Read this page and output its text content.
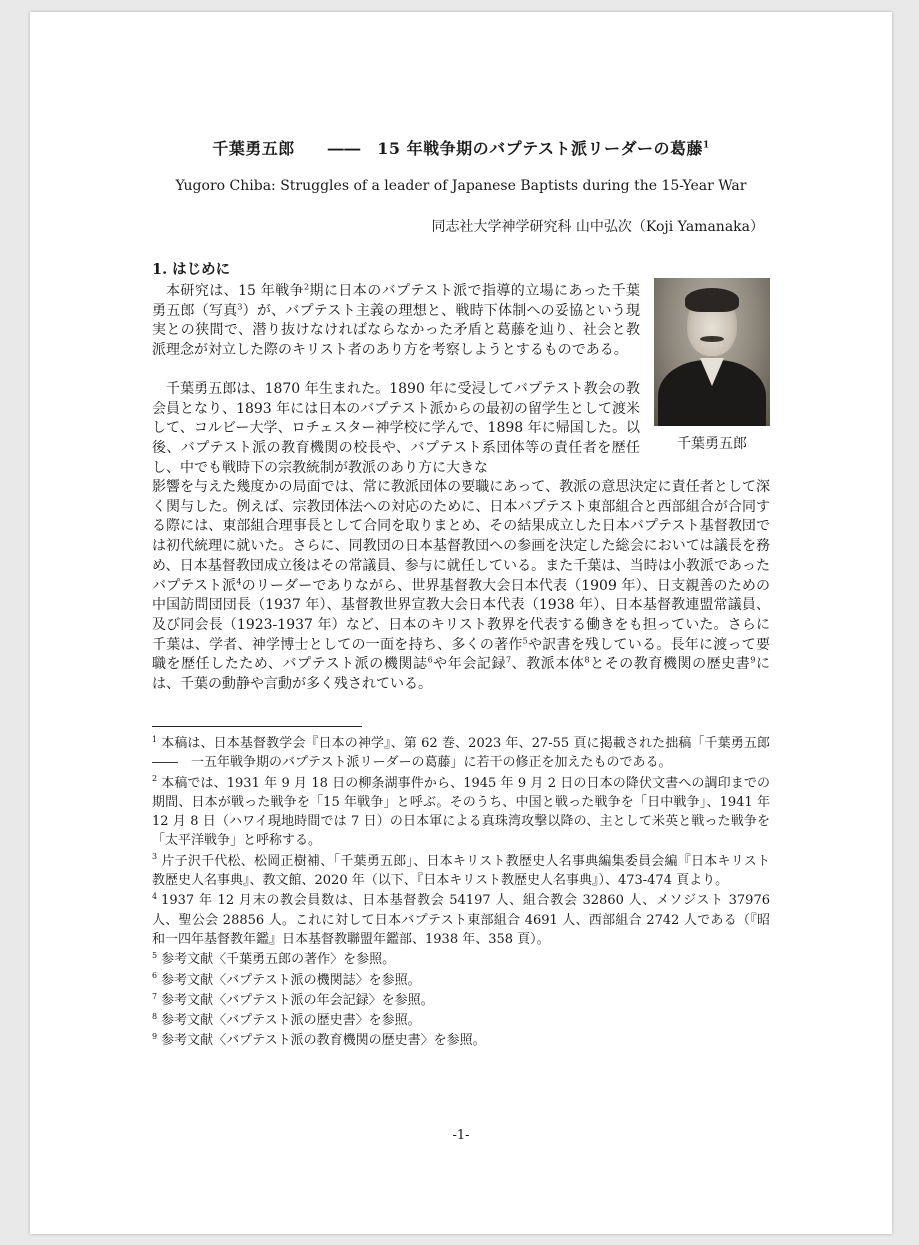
千葉勇五郎　　――　15 年戦争期のバプテスト派リーダーの葛藤$^1$
Yugoro Chiba: Struggles of a leader of Japanese Baptists during the 15-Year War
同志社大学神学研究科 山中弘次（Koji Yamanaka）
1. はじめに
千葉勇五郎
本研究は、15 年戦争$^2$期に日本のバプテスト派で指導的立場にあった千葉勇五郎（写真$^3$）が、バプテスト主義の理想と、戦時下体制への妥協という現実との狭間で、潜り抜けなければならなかった矛盾と葛藤を辿り、社会と教派理念が対立した際のキリスト者のあり方を考察しようとするものである。
千葉勇五郎は、1870 年生まれた。1890 年に受浸してバプテスト教会の教会員となり、1893 年には日本のバプテスト派からの最初の留学生として渡米して、コルビー大学、ロチェスター神学校に学んで、1898 年に帰国した。以後、バプテスト派の教育機関の校長や、バプテスト系団体等の責任者を歴任し、中でも戦時下の宗教統制が教派のあり方に大きな
影響を与えた幾度かの局面では、常に教派団体の要職にあって、教派の意思決定に責任者として深く関与した。例えば、宗教団体法への対応のために、日本バプテスト東部組合と西部組合が合同する際には、東部組合理事長として合同を取りまとめ、その結果成立した日本バプテスト基督教団では初代統理に就いた。さらに、同教団の日本基督教団への参画を決定した総会においては議長を務め、日本基督教団成立後はその常議員、参与に就任している。また千葉は、当時は小教派であったバプテスト派$^4$のリーダーでありながら、世界基督教大会日本代表（1909 年）、日支親善のための中国訪問団団長（1937 年）、基督教世界宣教大会日本代表（1938 年）、日本基督教連盟常議員、及び同会長（1923-1937 年）など、日本のキリスト教界を代表する働きをも担っていた。さらに千葉は、学者、神学博士としての一面を持ち、多くの著作$^5$や訳書を残している。長年に渡って要職を歴任したため、バプテスト派の機関誌$^6$や年会記録$^7$、教派本体$^8$とその教育機関の歴史書$^9$には、千葉の動静や言動が多く残されている。
$^1$ 本稿は、日本基督教学会『日本の神学』、第 62 巻、2023 年、27-55 頁に掲載された拙稿「千葉勇五郎　――　一五年戦争期のバプテスト派リーダーの葛藤」に若干の修正を加えたものである。
$^2$ 本稿では、1931 年 9 月 18 日の柳条湖事件から、1945 年 9 月 2 日の日本の降伏文書への調印までの期間、日本が戦った戦争を「15 年戦争」と呼ぶ。そのうち、中国と戦った戦争を「日中戦争」、1941 年 12 月 8 日（ハワイ現地時間では 7 日）の日本軍による真珠湾攻撃以降の、主として米英と戦った戦争を「太平洋戦争」と呼称する。
$^3$ 片子沢千代松、松岡正樹補、「千葉勇五郎」、日本キリスト教歴史人名事典編集委員会編『日本キリスト教歴史人名事典』、教文館、2020 年（以下、『日本キリスト教歴史人名事典』）、473-474 頁より。
$^4$ 1937 年 12 月末の教会員数は、日本基督教会 54197 人、組合教会 32860 人、メソジスト 37976 人、聖公会 28856 人。これに対して日本バプテスト東部組合 4691 人、西部組合 2742 人である（『昭和一四年基督教年鑑』日本基督教聯盟年鑑部、1938 年、358 頁）。
$^5$ 参考文献〈千葉勇五郎の著作〉を参照。
$^6$ 参考文献〈バプテスト派の機関誌〉を参照。
$^7$ 参考文献〈バプテスト派の年会記録〉を参照。
$^8$ 参考文献〈バプテスト派の歴史書〉を参照。
$^9$ 参考文献〈バプテスト派の教育機関の歴史書〉を参照。
-1-
